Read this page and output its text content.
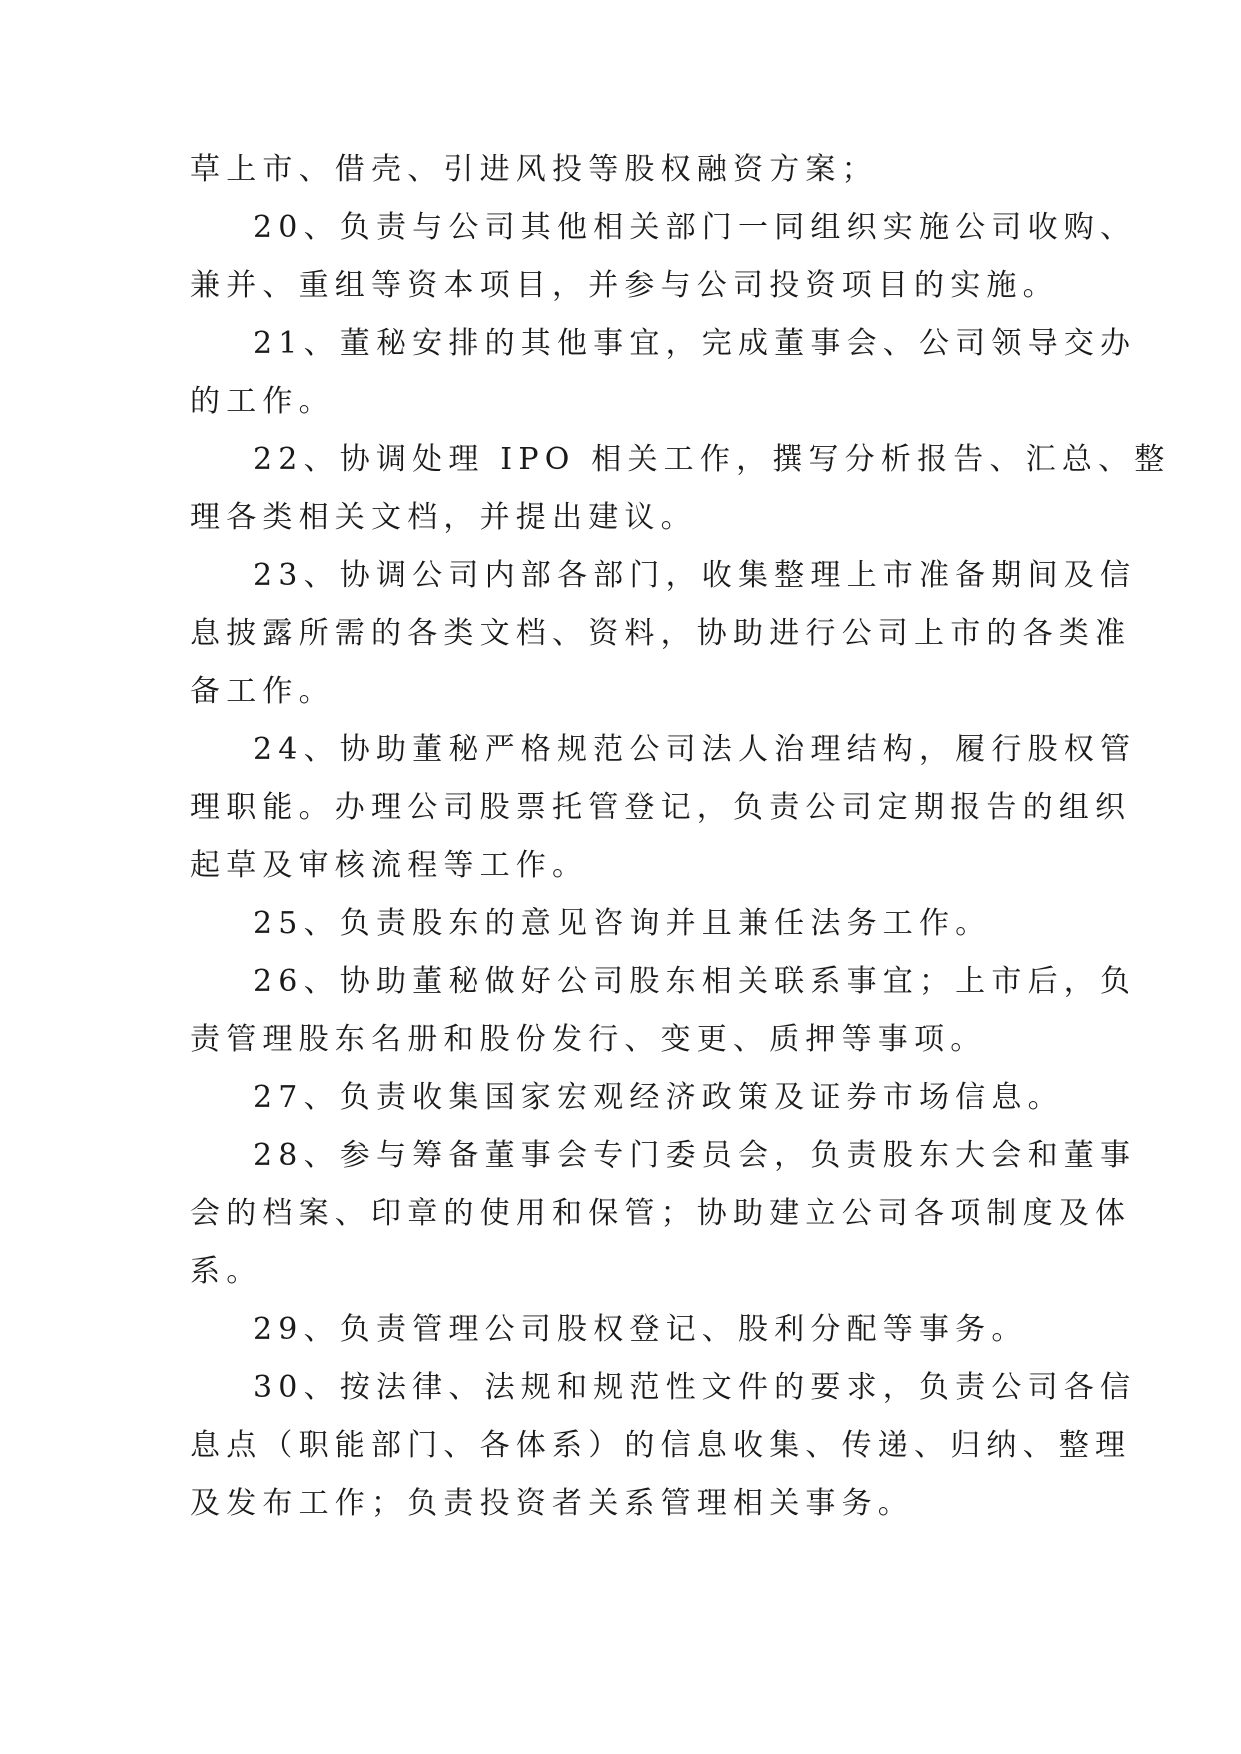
草上市、借壳、引进风投等股权融资方案；
20、负责与公司其他相关部门一同组织实施公司收购、
兼并、重组等资本项目，并参与公司投资项目的实施。
21、董秘安排的其他事宜，完成董事会、公司领导交办
的工作。
22、协调处理 IPO 相关工作，撰写分析报告、汇总、整
理各类相关文档，并提出建议。
23、协调公司内部各部门，收集整理上市准备期间及信
息披露所需的各类文档、资料，协助进行公司上市的各类准
备工作。
24、协助董秘严格规范公司法人治理结构，履行股权管
理职能。办理公司股票托管登记，负责公司定期报告的组织
起草及审核流程等工作。
25、负责股东的意见咨询并且兼任法务工作。
26、协助董秘做好公司股东相关联系事宜；上市后，负
责管理股东名册和股份发行、变更、质押等事项。
27、负责收集国家宏观经济政策及证券市场信息。
28、参与筹备董事会专门委员会，负责股东大会和董事
会的档案、印章的使用和保管；协助建立公司各项制度及体
系。
29、负责管理公司股权登记、股利分配等事务。
30、按法律、法规和规范性文件的要求，负责公司各信
息点（职能部门、各体系）的信息收集、传递、归纳、整理
及发布工作；负责投资者关系管理相关事务。
